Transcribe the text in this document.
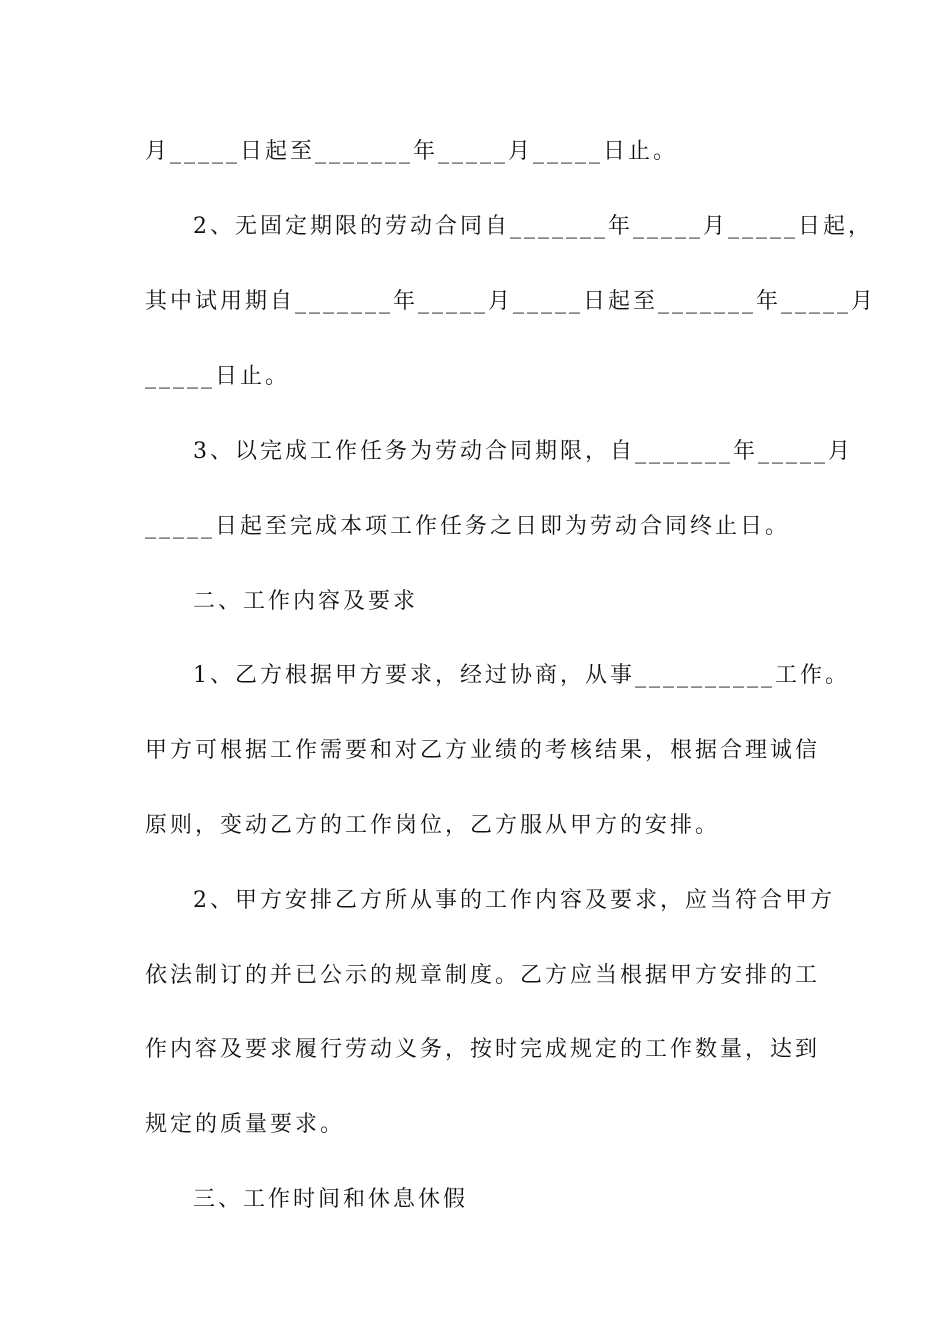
月_____日起至_______年_____月_____日止。
2、无固定期限的劳动合同自_______年_____月_____日起，
其中试用期自_______年_____月_____日起至_______年_____月
_____日止。
3、以完成工作任务为劳动合同期限，自_______年_____月
_____日起至完成本项工作任务之日即为劳动合同终止日。
二、工作内容及要求
1、乙方根据甲方要求，经过协商，从事__________工作。
甲方可根据工作需要和对乙方业绩的考核结果，根据合理诚信
原则，变动乙方的工作岗位，乙方服从甲方的安排。
2、甲方安排乙方所从事的工作内容及要求，应当符合甲方
依法制订的并已公示的规章制度。乙方应当根据甲方安排的工
作内容及要求履行劳动义务，按时完成规定的工作数量，达到
规定的质量要求。
三、工作时间和休息休假
